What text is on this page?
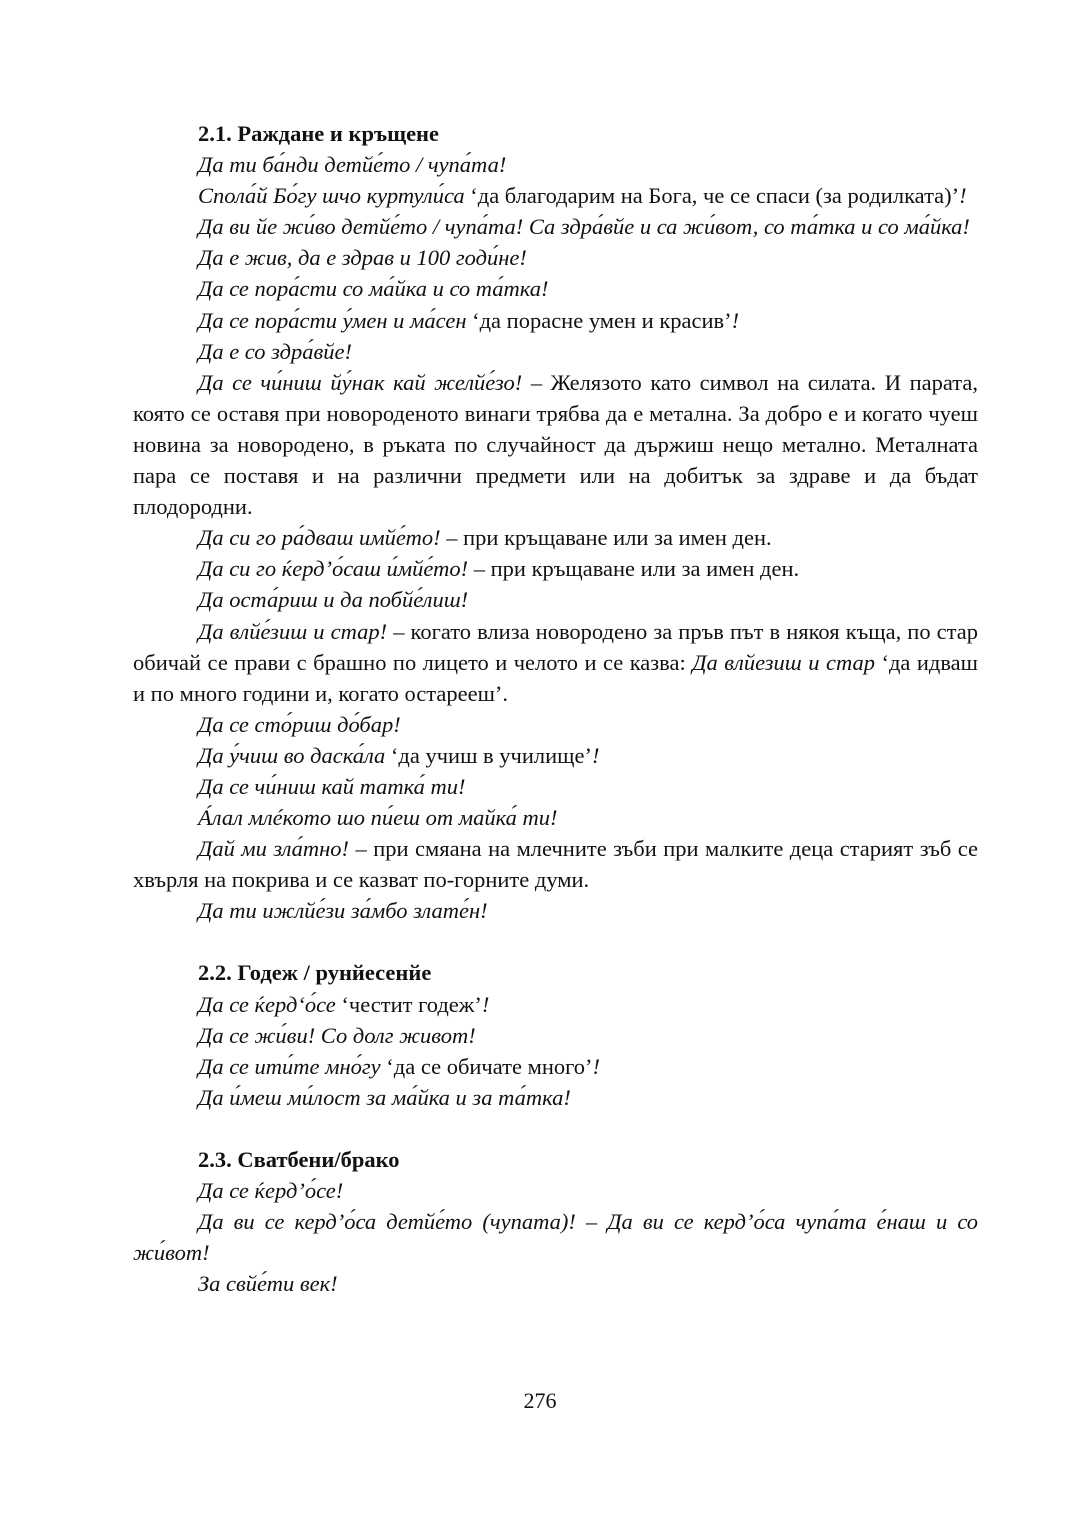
2.1. Раждане и кръщене

Да ти ба́нди детйе́то / чупа́та!

Спола́й Бо́гу шчо куртули́са ‘да благодарим на Бога, че се спаси (за родилката)’!

Да ви йе жи́во детйе́то / чупа́та! Са здра́вйе и са жи́вот, со та́тка и со ма́йка!

Да е жив, да е здрав и 100 годи́не!

Да се пора́сти со ма́йка и со та́тка!

Да се пора́сти у́мен и ма́сен ‘да порасне умен и красив’!

Да е со здра́вйе!

Да се чи́ниш йу́нак кай желйе́зо! – Желязото като символ на силата. И парата, която се оставя при новороденото винаги трябва да е метална. За добро е и когато чуеш новина за новородено, в ръката по случайност да държиш нещо метално. Металната пара се поставя и на различни предмети или на добитък за здраве и да бъдат плодородни.

Да си го ра́дваш имйе́то! – при кръщаване или за имен ден.

Да си го ќерд’о́саш и́мйе́то! – при кръщаване или за имен ден.

Да оста́риш и да побйе́лиш!

Да влйе́зиш и стар! – когато влиза новородено за пръв път в някоя къща, по стар обичай се прави с брашно по лицето и челото и се казва: Да влйезиш и стар ‘да идваш и по много години и, когато остарееш’.

Да се сто́риш до́бар!

Да у́чиш во даска́ла ‘да учиш в училище’!

Да се чи́ниш кай татка́ ти!

А́лал млéкото шо пи́еш от майка́ ти!

Дай ми зла́тно! – при смяана на млечните зъби при малките деца старият зъб се хвърля на покрива и се казват по-горните думи.

Да ти ижлйе́зи за́мбо злате́н!

2.2. Годеж / рунйесенйе

Да се ќерд‘о́се ‘честит годеж’!

Да се жи́ви! Со долг живот!

Да се ити́те мно́гу ‘да се обичате много’!

Да и́меш ми́лост за ма́йка и за та́тка!

2.3. Сватбени/брако

Да се ќерд’о́се!

Да ви се керд’о́са детйе́то (чупата)! – Да ви се керд’о́са чупа́та е́наш и со жи́вот!

За свйе́ти век!

276
